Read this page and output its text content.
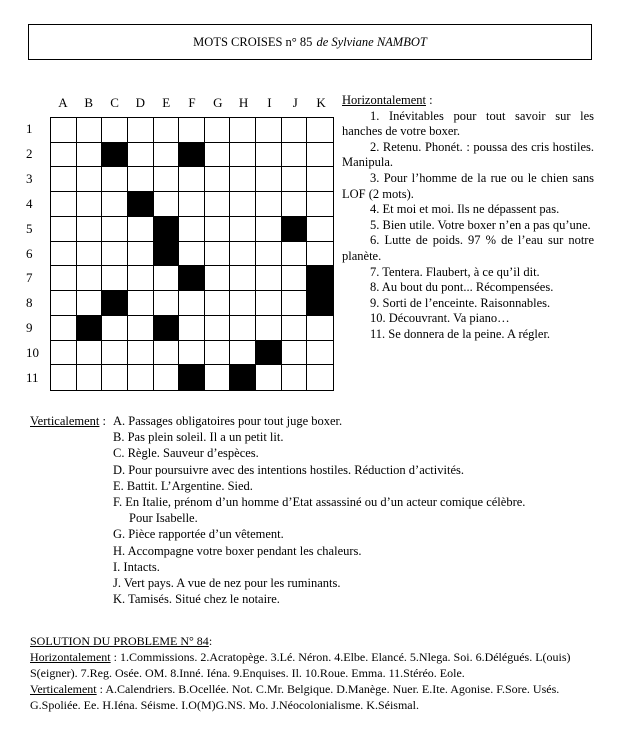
MOTS CROISES n° 85 de Sylviane NAMBOT
A	B	C	D	E	F	G	H	I	J	K
1
2
3
4
5
6
7
8
9
10
11
Horizontalement :
1. Inévitables pour tout savoir sur les hanches de votre boxer.
2. Retenu. Phonét. : poussa des cris hostiles. Manipula.
3. Pour l’homme de la rue ou le chien sans LOF (2 mots).
4. Et moi et moi. Ils ne dépassent pas.
5. Bien utile. Votre boxer n’en a pas qu’une.
6. Lutte de poids. 97 % de l’eau sur notre planète.
7. Tentera. Flaubert, à ce qu’il dit.
8. Au bout du pont... Récompensées.
9. Sorti de l’enceinte. Raisonnables.
10. Découvrant. Va piano…
11. Se donnera de la peine. A régler.
Verticalement : A. Passages obligatoires pour tout juge boxer.
B. Pas plein soleil. Il a un petit lit.
C. Règle. Sauveur d’espèces.
D. Pour poursuivre avec des intentions hostiles. Réduction d’activités.
E. Battit. L’Argentine. Sied.
F. En Italie, prénom d’un homme d’Etat assassiné ou d’un acteur comique célèbre.
Pour Isabelle.
G. Pièce rapportée d’un vêtement.
H. Accompagne votre boxer pendant les chaleurs.
I. Intacts.
J. Vert pays. A vue de nez pour les ruminants.
K. Tamisés. Situé chez le notaire.
SOLUTION DU PROBLEME N° 84:
Horizontalement : 1.Commissions. 2.Acratopège. 3.Lé. Néron. 4.Elbe. Elancé. 5.Nlega. Soi. 6.Délégués. L(ouis) S(eigner). 7.Reg. Osée. OM. 8.Inné. Iéna. 9.Enquises. Il. 10.Roue. Emma. 11.Stéréo. Eole.
Verticalement : A.Calendriers. B.Ocellée. Not. C.Mr. Belgique. D.Manège. Nuer. E.Ite. Agonise. F.Sore. Usés. G.Spoliée. Ee. H.Iéna. Séisme. I.O(M)G.NS. Mo. J.Néocolonialisme. K.Séismal.
